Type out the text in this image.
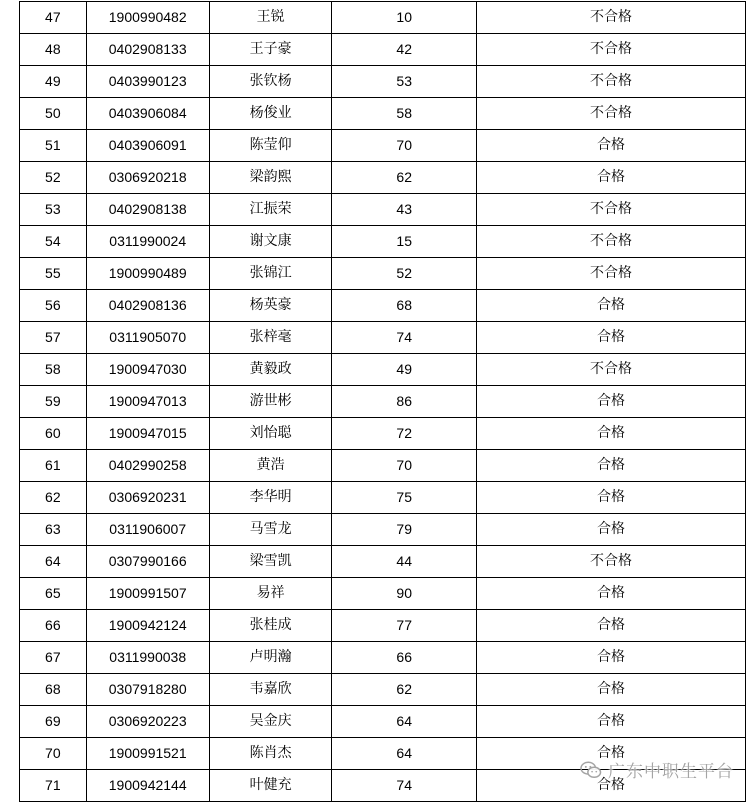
47	1900990482	王锐	10	不合格
48	0402908133	王子豪	42	不合格
49	0403990123	张钦杨	53	不合格
50	0403906084	杨俊业	58	不合格
51	0403906091	陈莹仰	70	合格
52	0306920218	梁韵熙	62	合格
53	0402908138	江振荣	43	不合格
54	0311990024	谢文康	15	不合格
55	1900990489	张锦江	52	不合格
56	0402908136	杨英豪	68	合格
57	0311905070	张梓毫	74	合格
58	1900947030	黄毅政	49	不合格
59	1900947013	游世彬	86	合格
60	1900947015	刘怡聪	72	合格
61	0402990258	黄浩	70	合格
62	0306920231	李华明	75	合格
63	0311906007	马雪龙	79	合格
64	0307990166	梁雪凯	44	不合格
65	1900991507	易祥	90	合格
66	1900942124	张桂成	77	合格
67	0311990038	卢明瀚	66	合格
68	0307918280	韦嘉欣	62	合格
69	0306920223	吴金庆	64	合格
70	1900991521	陈肖杰	64	合格
71	1900942144	叶健充	74	合格
广东中职生平台
